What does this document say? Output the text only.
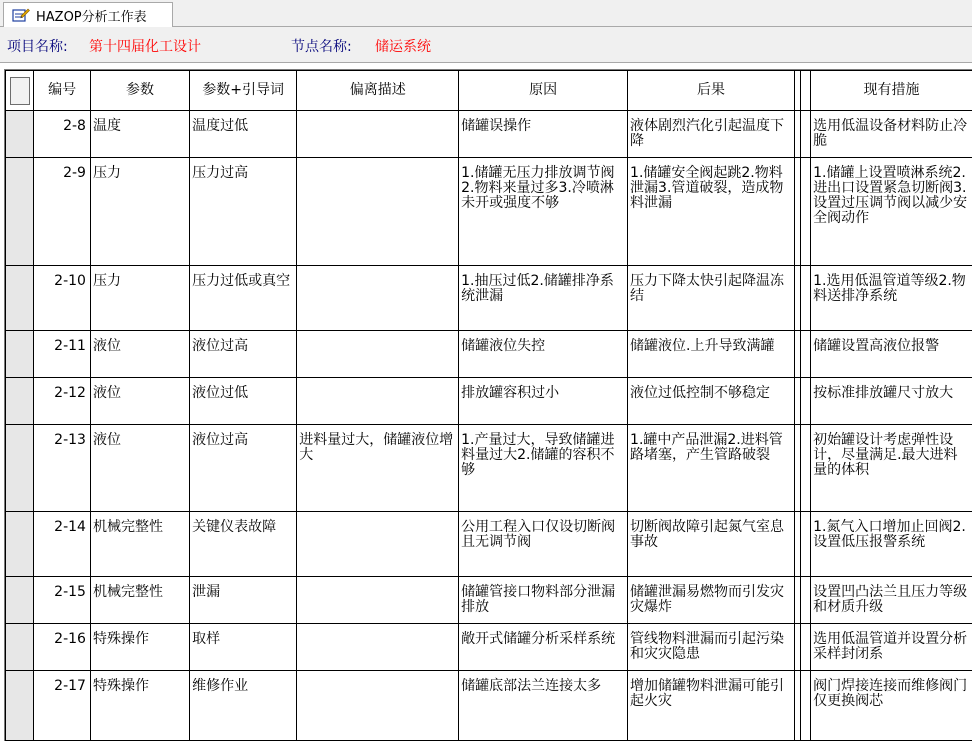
HAZOP分析工作表
项目名称: 第十四届化工设计	节点名称: 储运系统
	编号	参数	参数+引导词	偏离描述	原因	后果			现有措施

	2-8	温度	温度过低		储罐误操作	液体剧烈汽化引起温度下降			选用低温设备材料防止冷脆

	2-9	压力	压力过高		1.储罐无压力排放调节阀2.物料来量过多3.冷喷淋未开或强度不够	1.储罐安全阀起跳2.物料泄漏3.管道破裂，造成物料泄漏			1.储罐上设置喷淋系统2.进出口设置紧急切断阀3.设置过压调节阀以减少安全阀动作

	2-10	压力	压力过低或真空		1.抽压过低2.储罐排净系统泄漏	压力下降太快引起降温冻结			1.选用低温管道等级2.物料送排净系统

	2-11	液位	液位过高		储罐液位失控	储罐液位.上升导致满罐			储罐设置高液位报警

	2-12	液位	液位过低		排放罐容积过小	液位过低控制不够稳定			按标准排放罐尺寸放大

	2-13	液位	液位过高	进料量过大，储罐液位增大	1.产量过大，导致储罐进料量过大2.储罐的容积不够	1.罐中产品泄漏2.进料管路堵塞，产生管路破裂			初始罐设计考虑弹性设计，尽量满足.最大进料量的体积

	2-14	机械完整性	关键仪表故障		公用工程入口仅设切断阀且无调节阀	切断阀故障引起氮气室息事故			1.氮气入口增加止回阀2.设置低压报警系统

	2-15	机械完整性	泄漏		储罐管接口物料部分泄漏排放	储罐泄漏易燃物而引发灾灾爆炸			设置凹凸法兰且压力等级和材质升级

	2-16	特殊操作	取样		敞开式储罐分析采样系统	管线物料泄漏而引起污染和灾灾隐患			选用低温管道并设置分析采样封闭系

	2-17	特殊操作	维修作业		储罐底部法兰连接太多	增加储罐物料泄漏可能引起火灾			阀门焊接连接而维修阀门仅更换阀芯
